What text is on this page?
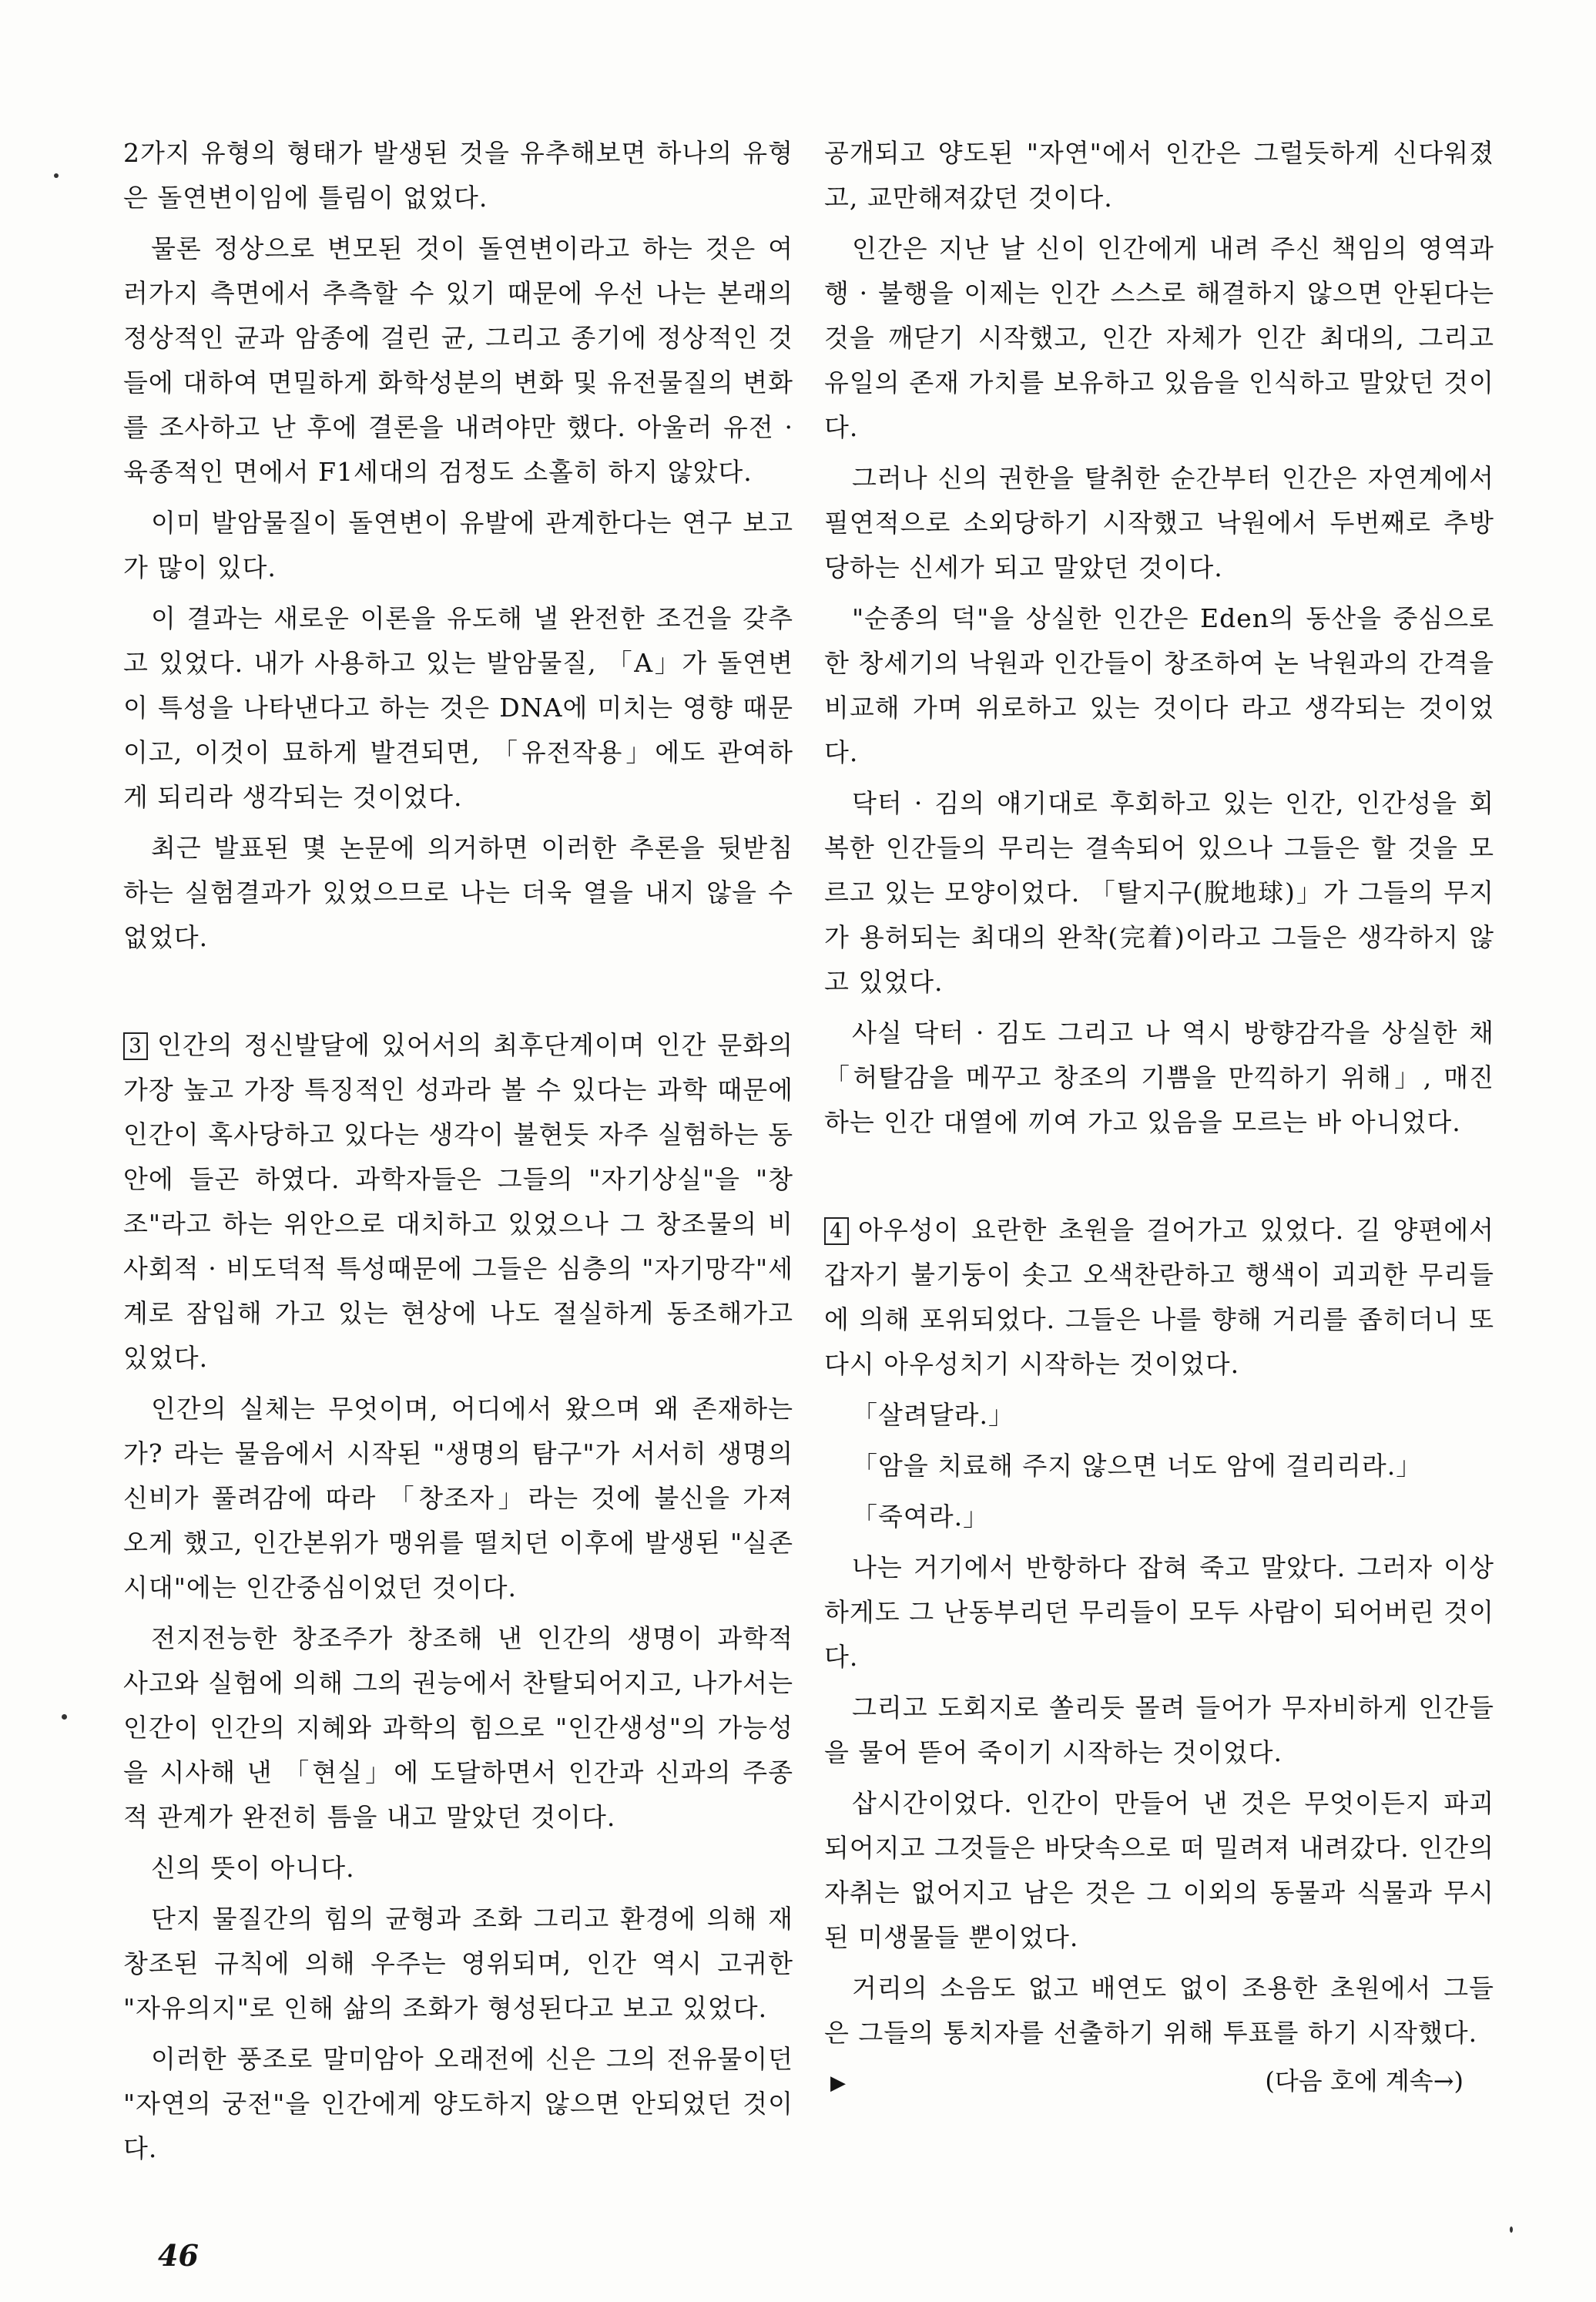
2가지 유형의 형태가 발생된 것을 유추해보면 하나의 유형은 돌연변이임에 틀림이 없었다.

물론 정상으로 변모된 것이 돌연변이라고 하는 것은 여러가지 측면에서 추측할 수 있기 때문에 우선 나는 본래의 정상적인 균과 암종에 걸린 균, 그리고 종기에 정상적인 것들에 대하여 면밀하게 화학성분의 변화 및 유전물질의 변화를 조사하고 난 후에 결론을 내려야만 했다. 아울러 유전 · 육종적인 면에서 F1세대의 검정도 소홀히 하지 않았다.

이미 발암물질이 돌연변이 유발에 관계한다는 연구 보고가 많이 있다.

이 결과는 새로운 이론을 유도해 낼 완전한 조건을 갖추고 있었다. 내가 사용하고 있는 발암물질, 「A」가 돌연변이 특성을 나타낸다고 하는 것은 DNA에 미치는 영향 때문이고, 이것이 묘하게 발견되면, 「유전작용」에도 관여하게 되리라 생각되는 것이었다.

최근 발표된 몇 논문에 의거하면 이러한 추론을 뒷받침하는 실험결과가 있었으므로 나는 더욱 열을 내지 않을 수 없었다.

3 인간의 정신발달에 있어서의 최후단계이며 인간 문화의 가장 높고 가장 특징적인 성과라 볼 수 있다는 과학 때문에 인간이 혹사당하고 있다는 생각이 불현듯 자주 실험하는 동안에 들곤 하였다. 과학자들은 그들의 "자기상실"을 "창조"라고 하는 위안으로 대치하고 있었으나 그 창조물의 비사회적 · 비도덕적 특성때문에 그들은 심층의 "자기망각"세계로 잠입해 가고 있는 현상에 나도 절실하게 동조해가고 있었다.

인간의 실체는 무엇이며, 어디에서 왔으며 왜 존재하는가? 라는 물음에서 시작된 "생명의 탐구"가 서서히 생명의 신비가 풀려감에 따라 「창조자」라는 것에 불신을 가져 오게 했고, 인간본위가 맹위를 떨치던 이후에 발생된 "실존시대"에는 인간중심이었던 것이다.

전지전능한 창조주가 창조해 낸 인간의 생명이 과학적 사고와 실험에 의해 그의 권능에서 찬탈되어지고, 나가서는 인간이 인간의 지혜와 과학의 힘으로 "인간생성"의 가능성을 시사해 낸 「현실」에 도달하면서 인간과 신과의 주종적 관계가 완전히 틈을 내고 말았던 것이다.

신의 뜻이 아니다.

단지 물질간의 힘의 균형과 조화 그리고 환경에 의해 재 창조된 규칙에 의해 우주는 영위되며, 인간 역시 고귀한 "자유의지"로 인해 삶의 조화가 형성된다고 보고 있었다.

이러한 풍조로 말미암아 오래전에 신은 그의 전유물이던 "자연의 궁전"을 인간에게 양도하지 않으면 안되었던 것이다.

공개되고 양도된 "자연"에서 인간은 그럴듯하게 신다워졌고, 교만해져갔던 것이다.

인간은 지난 날 신이 인간에게 내려 주신 책임의 영역과 행 · 불행을 이제는 인간 스스로 해결하지 않으면 안된다는 것을 깨닫기 시작했고, 인간 자체가 인간 최대의, 그리고 유일의 존재 가치를 보유하고 있음을 인식하고 말았던 것이다.

그러나 신의 권한을 탈취한 순간부터 인간은 자연계에서 필연적으로 소외당하기 시작했고 낙원에서 두번째로 추방당하는 신세가 되고 말았던 것이다.

"순종의 덕"을 상실한 인간은 Eden의 동산을 중심으로 한 창세기의 낙원과 인간들이 창조하여 논 낙원과의 간격을 비교해 가며 위로하고 있는 것이다 라고 생각되는 것이었다.

닥터 · 김의 얘기대로 후회하고 있는 인간, 인간성을 회복한 인간들의 무리는 결속되어 있으나 그들은 할 것을 모르고 있는 모양이었다. 「탈지구(脫地球)」가 그들의 무지가 용허되는 최대의 완착(完着)이라고 그들은 생각하지 않고 있었다.

사실 닥터 · 김도 그리고 나 역시 방향감각을 상실한 채 「허탈감을 메꾸고 창조의 기쁨을 만끽하기 위해」, 매진하는 인간 대열에 끼여 가고 있음을 모르는 바 아니었다.

4 아우성이 요란한 초원을 걸어가고 있었다. 길 양편에서 갑자기 불기둥이 솟고 오색찬란하고 행색이 괴괴한 무리들에 의해 포위되었다. 그들은 나를 향해 거리를 좁히더니 또 다시 아우성치기 시작하는 것이었다.

「살려달라.」

「암을 치료해 주지 않으면 너도 암에 걸리리라.」

「죽여라.」

나는 거기에서 반항하다 잡혀 죽고 말았다. 그러자 이상하게도 그 난동부리던 무리들이 모두 사람이 되어버린 것이다.

그리고 도회지로 쏠리듯 몰려 들어가 무자비하게 인간들을 물어 뜯어 죽이기 시작하는 것이었다.

삽시간이었다. 인간이 만들어 낸 것은 무엇이든지 파괴되어지고 그것들은 바닷속으로 떠 밀려져 내려갔다. 인간의 자취는 없어지고 남은 것은 그 이외의 동물과 식물과 무시된 미생물들 뿐이었다.

거리의 소음도 없고 배연도 없이 조용한 초원에서 그들은 그들의 통치자를 선출하기 위해 투표를 하기 시작했다.

▶	(다음 호에 계속→)
46
